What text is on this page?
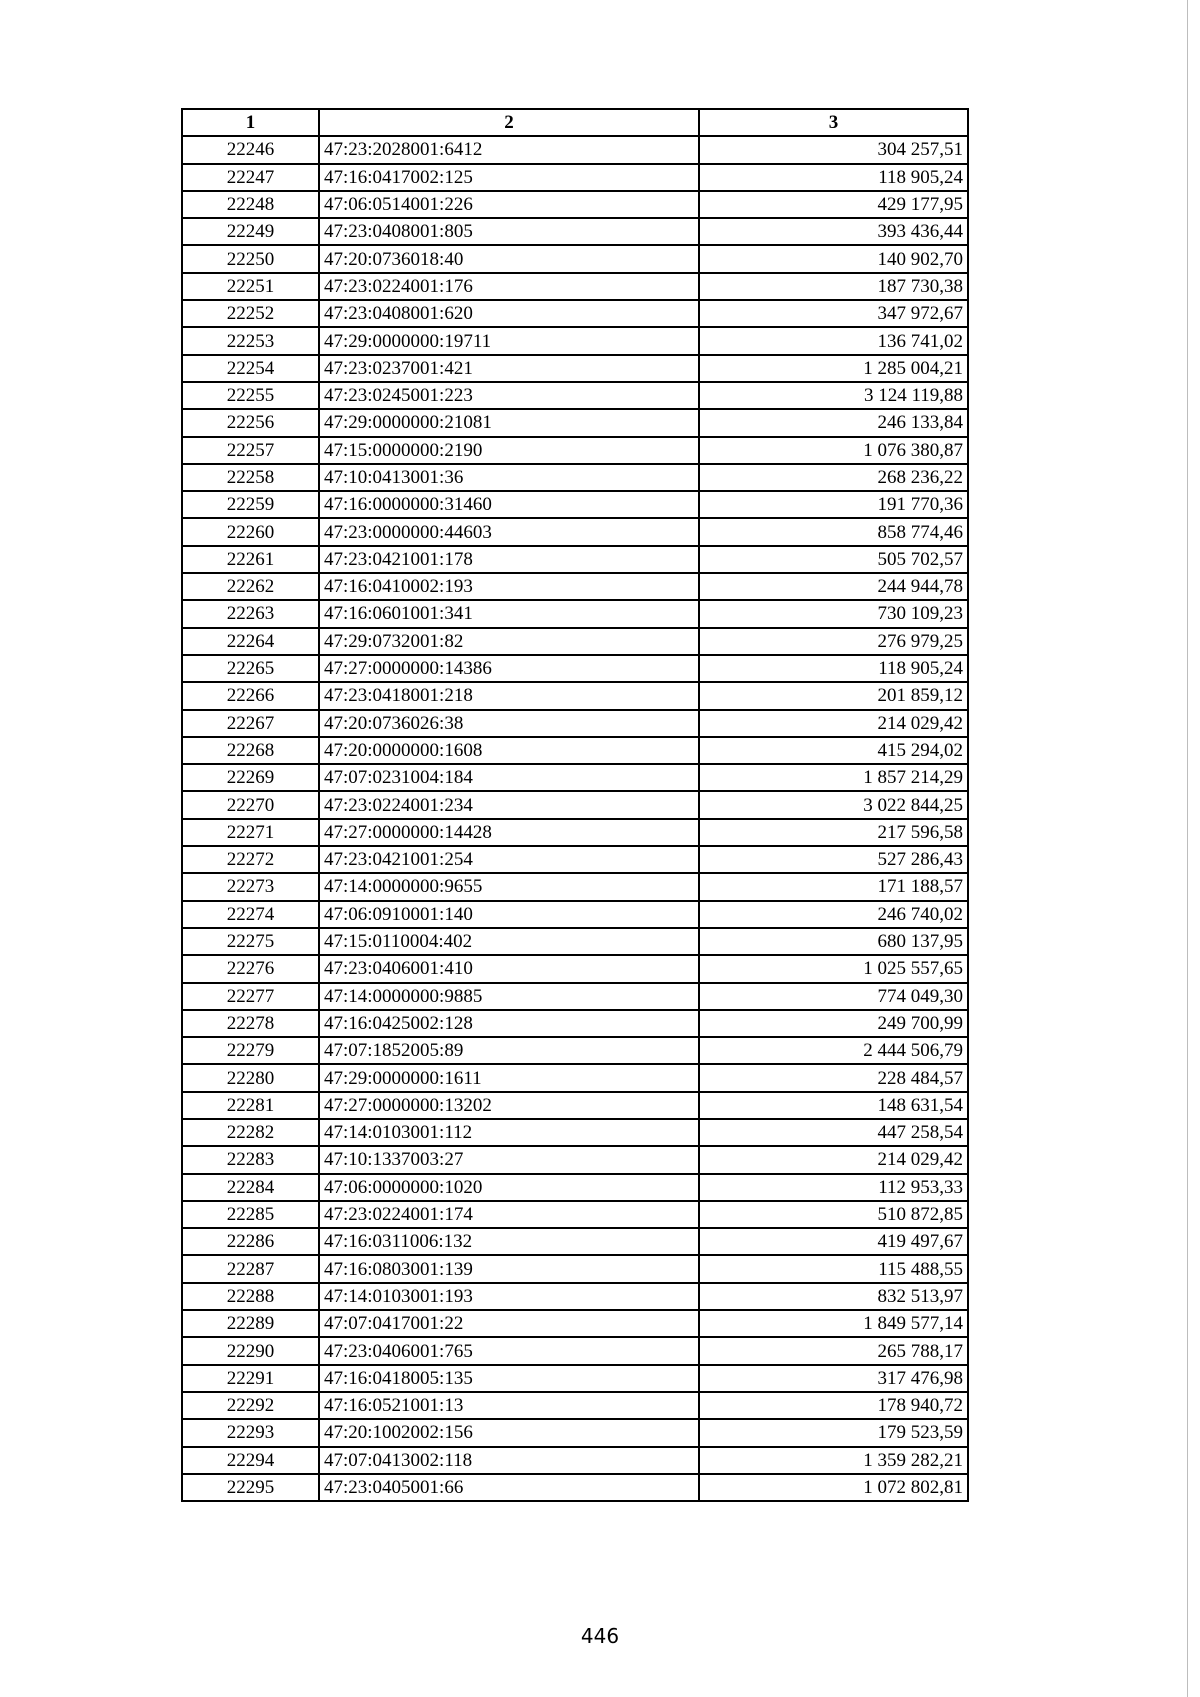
1	2	3
22246	47:23:2028001:6412	304 257,51
22247	47:16:0417002:125	118 905,24
22248	47:06:0514001:226	429 177,95
22249	47:23:0408001:805	393 436,44
22250	47:20:0736018:40	140 902,70
22251	47:23:0224001:176	187 730,38
22252	47:23:0408001:620	347 972,67
22253	47:29:0000000:19711	136 741,02
22254	47:23:0237001:421	1 285 004,21
22255	47:23:0245001:223	3 124 119,88
22256	47:29:0000000:21081	246 133,84
22257	47:15:0000000:2190	1 076 380,87
22258	47:10:0413001:36	268 236,22
22259	47:16:0000000:31460	191 770,36
22260	47:23:0000000:44603	858 774,46
22261	47:23:0421001:178	505 702,57
22262	47:16:0410002:193	244 944,78
22263	47:16:0601001:341	730 109,23
22264	47:29:0732001:82	276 979,25
22265	47:27:0000000:14386	118 905,24
22266	47:23:0418001:218	201 859,12
22267	47:20:0736026:38	214 029,42
22268	47:20:0000000:1608	415 294,02
22269	47:07:0231004:184	1 857 214,29
22270	47:23:0224001:234	3 022 844,25
22271	47:27:0000000:14428	217 596,58
22272	47:23:0421001:254	527 286,43
22273	47:14:0000000:9655	171 188,57
22274	47:06:0910001:140	246 740,02
22275	47:15:0110004:402	680 137,95
22276	47:23:0406001:410	1 025 557,65
22277	47:14:0000000:9885	774 049,30
22278	47:16:0425002:128	249 700,99
22279	47:07:1852005:89	2 444 506,79
22280	47:29:0000000:1611	228 484,57
22281	47:27:0000000:13202	148 631,54
22282	47:14:0103001:112	447 258,54
22283	47:10:1337003:27	214 029,42
22284	47:06:0000000:1020	112 953,33
22285	47:23:0224001:174	510 872,85
22286	47:16:0311006:132	419 497,67
22287	47:16:0803001:139	115 488,55
22288	47:14:0103001:193	832 513,97
22289	47:07:0417001:22	1 849 577,14
22290	47:23:0406001:765	265 788,17
22291	47:16:0418005:135	317 476,98
22292	47:16:0521001:13	178 940,72
22293	47:20:1002002:156	179 523,59
22294	47:07:0413002:118	1 359 282,21
22295	47:23:0405001:66	1 072 802,81
446
